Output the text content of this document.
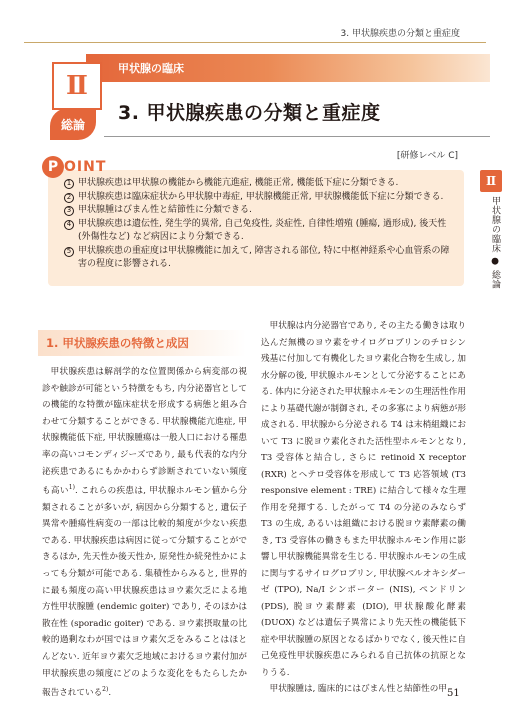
3. 甲状腺疾患の分類と重症度
甲状腺の臨床
Ⅱ
総論
3. 甲状腺疾患の分類と重症度
[研修レベル C]
1 甲状腺疾患は甲状腺の機能から機能亢進症, 機能正常, 機能低下症に分類できる.
2 甲状腺疾患は臨床症状から甲状腺中毒症, 甲状腺機能正常, 甲状腺機能低下症に分類できる.
3 甲状腺腫はびまん性と結節性に分類できる.
4 甲状腺疾患は遺伝性, 発生学的異常, 自己免疫性, 炎症性, 自律性増殖 (腫瘍, 過形成), 後天性 (外傷性など) など病因により分類できる.
5 甲状腺疾患の重症度は甲状腺機能に加えて, 障害される部位, 特に中枢神経系や心血管系の障害の程度に影響される.
P OINT
Ⅱ
甲状腺の臨床 ● 総論
1. 甲状腺疾患の特徴と成因

甲状腺疾患は解剖学的な位置関係から病変部の視診や触診が可能という特徴をもち, 内分泌器官としての機能的な特徴が臨床症状を形成する病態と組み合わせて分類することができる. 甲状腺機能亢進症, 甲状腺機能低下症, 甲状腺腫瘍は一般人口における罹患率の高いコモンディジーズであり, 最も代表的な内分泌疾患であるにもかかわらず診断されていない頻度も高い$^{1)}$. これらの疾患は, 甲状腺ホルモン値から分類されることが多いが, 病因から分類すると, 遺伝子異常や腫瘍性病変の一部は比較的頻度が少ない疾患である. 甲状腺疾患は病因に従って分類することができるほか, 先天性か後天性か, 原発性か続発性かによっても分類が可能である. 集積性からみると, 世界的に最も頻度の高い甲状腺疾患はヨウ素欠乏による地方性甲状腺腫 (endemic goiter) であり, そのほかは散在性 (sporadic goiter) である. ヨウ素摂取量の比較的過剰なわが国ではヨウ素欠乏をみることはほとんどない. 近年ヨウ素欠乏地域におけるヨウ素付加が甲状腺疾患の頻度にどのような変化をもたらしたか報告されている$^{2)}$.

甲状腺は内分泌器官であり, その主たる働きは取り込んだ無機のヨウ素をサイログロブリンのチロシン残基に付加して有機化したヨウ素化合物を生成し, 加水分解の後, 甲状腺ホルモンとして分泌することにある. 体内に分泌された甲状腺ホルモンの生理活性作用により基礎代謝が制御され, その多寡により病態が形成される. 甲状腺から分泌される T4 は末梢組織において T3 に脱ヨウ素化された活性型ホルモンとなり, T3 受容体と結合し, さらに retinoid X receptor (RXR) とヘテロ受容体を形成して T3 応答領域 (T3 responsive element : TRE) に結合して様々な生理作用を発揮する. したがって T4 の分泌のみならず T3 の生成, あるいは組織における脱ヨウ素酵素の働き, T3 受容体の働きもまた甲状腺ホルモン作用に影響し甲状腺機能異常を生じる. 甲状腺ホルモンの生成に関与するサイログロブリン, 甲状腺ペルオキシダーゼ (TPO), Na/I シンポーター (NIS), ペンドリン (PDS), 脱ヨウ素酵素 (DIO), 甲状腺酸化酵素 (DUOX) などは遺伝子異常により先天性の機能低下症や甲状腺腫の原因となるばかりでなく, 後天性に自己免疫性甲状腺疾患にみられる自己抗体の抗原となりうる.

甲状腺腫は, 臨床的にはびまん性と結節性の甲 51
